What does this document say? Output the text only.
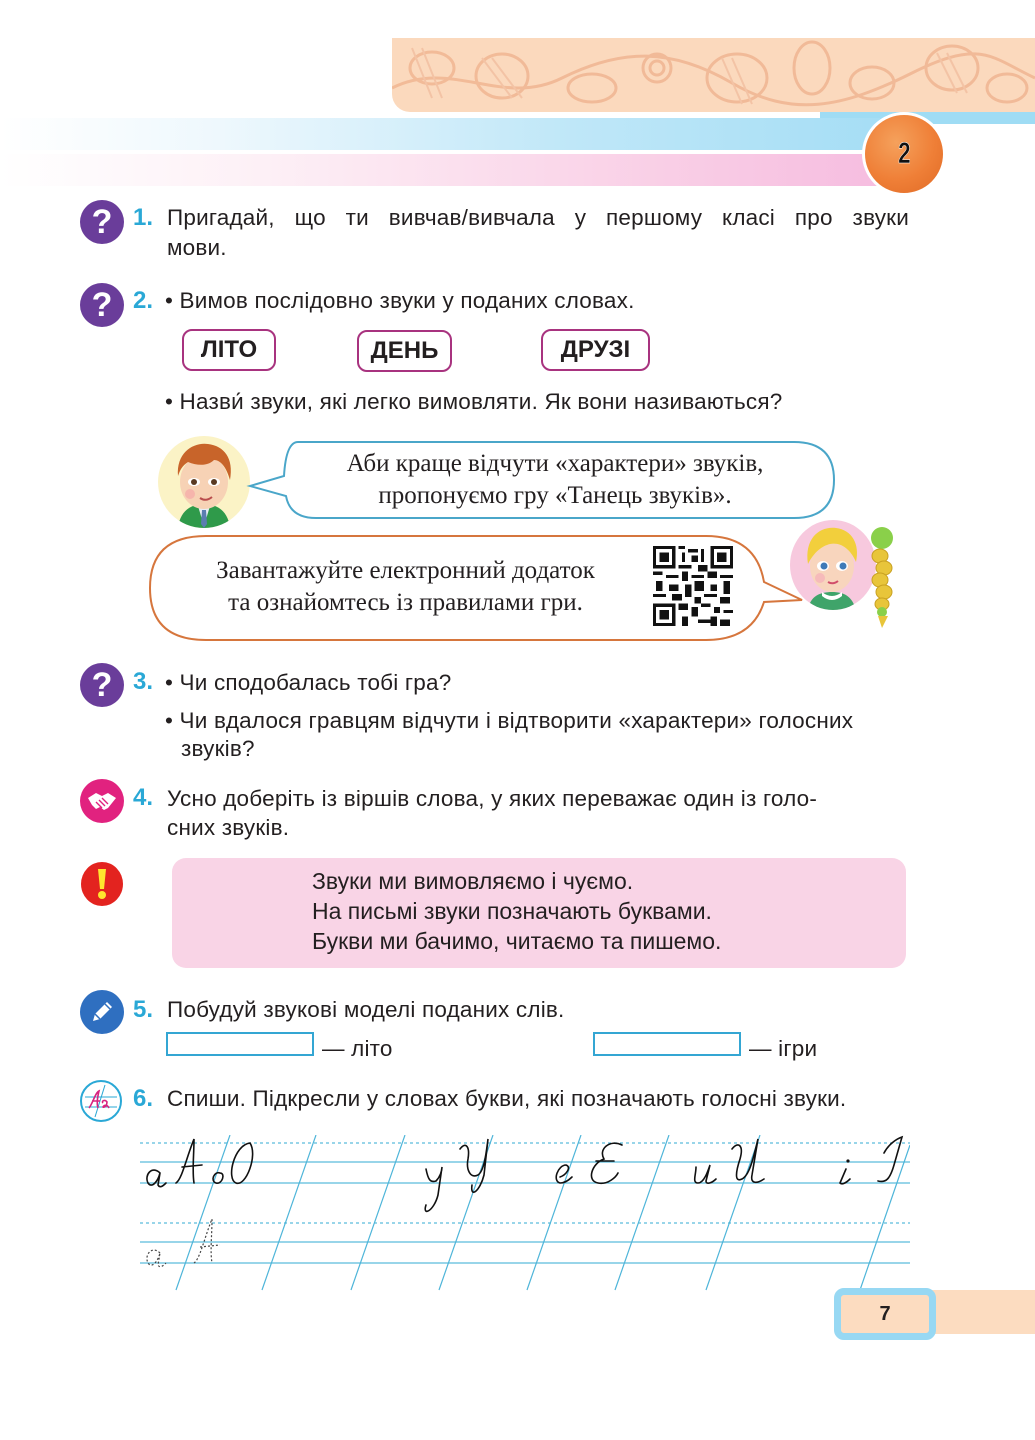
2
? 1. Пригадай, що ти вивчав/вивчала у першому класі про звуки
мови.
? 2. • Вимов послідовно звуки у поданих словах.
ЛІТО	ДЕНЬ	ДРУЗІ
• Назви́ звуки, які легко вимовляти. Як вони називаються?
Аби краще відчути «характери» звуків,
пропонуємо гру «Танець звуків».
Завантажуйте електронний додаток
та ознайомтесь із правилами гри.
? 3. • Чи сподобалась тобі гра?
• Чи вдалося гравцям відчути і відтворити «характери» голосних
звуків?
4. Усно доберіть із віршів слова, у яких переважає один із голо-
сних звуків.
Звуки ми вимовляємо і чуємо.
На письмі звуки позначають буквами.
Букви ми бачимо, читаємо та пишемо.
5. Побудуй звукові моделі поданих слів.
— літо	— ігри
6. Спиши. Підкресли у словах букви, які позначають голосні звуки.
7
